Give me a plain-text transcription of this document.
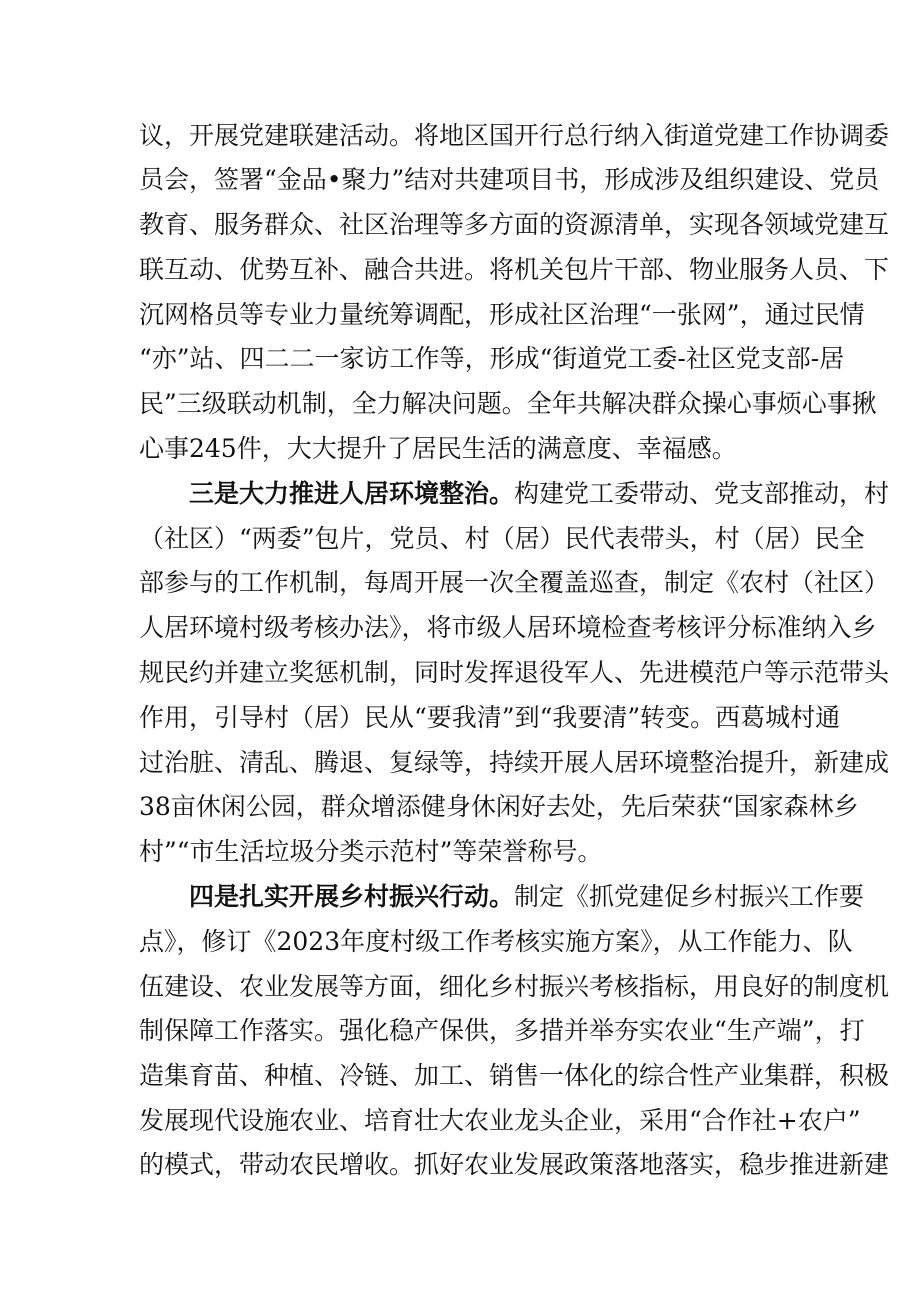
议，开展党建联建活动。将地区国开行总行纳入街道党建工作协调委
员会，签署“金品•聚力”结对共建项目书，形成涉及组织建设、党员
教育、服务群众、社区治理等多方面的资源清单，实现各领域党建互
联互动、优势互补、融合共进。将机关包片干部、物业服务人员、下
沉网格员等专业力量统筹调配，形成社区治理“一张网”，通过民情
“亦”站、四二二一家访工作等，形成“街道党工委-社区党支部-居
民”三级联动机制，全力解决问题。全年共解决群众操心事烦心事揪
心事245件，大大提升了居民生活的满意度、幸福感。
三是大力推进人居环境整治。构建党工委带动、党支部推动，村
（社区）“两委”包片，党员、村（居）民代表带头，村（居）民全
部参与的工作机制，每周开展一次全覆盖巡查，制定《农村（社区）
人居环境村级考核办法》，将市级人居环境检查考核评分标准纳入乡
规民约并建立奖惩机制，同时发挥退役军人、先进模范户等示范带头
作用，引导村（居）民从“要我清”到“我要清”转变。西葛城村通
过治脏、清乱、腾退、复绿等，持续开展人居环境整治提升，新建成
38亩休闲公园，群众增添健身休闲好去处，先后荣获“国家森林乡
村”“市生活垃圾分类示范村”等荣誉称号。
四是扎实开展乡村振兴行动。制定《抓党建促乡村振兴工作要
点》，修订《2023年度村级工作考核实施方案》，从工作能力、队
伍建设、农业发展等方面，细化乡村振兴考核指标，用良好的制度机
制保障工作落实。强化稳产保供，多措并举夯实农业“生产端”，打
造集育苗、种植、冷链、加工、销售一体化的综合性产业集群，积极
发展现代设施农业、培育壮大农业龙头企业，采用“合作社+农户”
的模式，带动农民增收。抓好农业发展政策落地落实，稳步推进新建
